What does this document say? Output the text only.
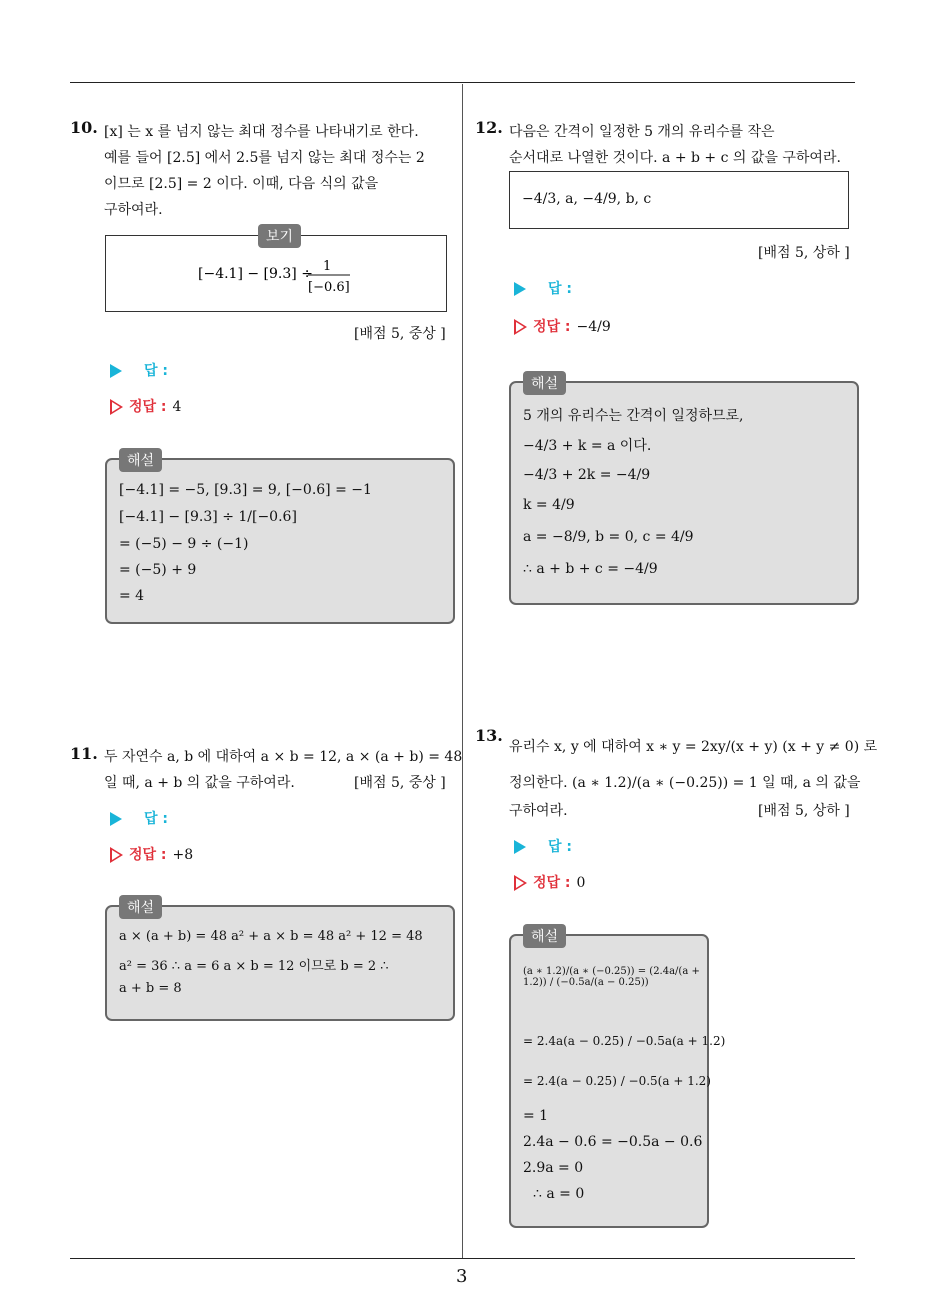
10. [x] 는 x 를 넘지 않는 최대 정수를 나타내기로 한다.
예를 들어 [2.5] 에서 2.5를 넘지 않는 최대 정수는 2
이므로 [2.5] = 2 이다. 이때, 다음 식의 값을
구하여라.
보기
[−4.1] − [9.3] ÷ 1
[−0.6]
[배점 5, 중상 ]
답 :
정답 : 4
해설
[−4.1] = −5, [9.3] = 9, [−0.6] = −1
[−4.1] − [9.3] ÷ 1/[−0.6]
= (−5) − 9 ÷ (−1)
= (−5) + 9
= 4
11. 두 자연수 a, b 에 대하여 a × b = 12, a × (a + b) = 48
일 때, a + b 의 값을 구하여라.	[배점 5, 중상 ]
답 :
정답 : +8
해설
a × (a + b) = 48 a² + a × b = 48 a² + 12 = 48
a² = 36 ∴ a = 6 a × b = 12 이므로 b = 2 ∴
a + b = 8
12. 다음은 간격이 일정한 5 개의 유리수를 작은
순서대로 나열한 것이다. a + b + c 의 값을 구하여라.
−4/3, a, −4/9, b, c
[배점 5, 상하 ]
답 :
정답 : −4/9
해설
5 개의 유리수는 간격이 일정하므로,
−4/3 + k = a 이다.
−4/3 + 2k = −4/9
k = 4/9
a = −8/9, b = 0, c = 4/9
∴ a + b + c = −4/9
13.
유리수 x, y 에 대하여 x ∗ y = 2xy/(x + y) (x + y ≠ 0) 로
정의한다. (a ∗ 1.2)/(a ∗ (−0.25)) = 1 일 때, a 의 값을
구하여라.	[배점 5, 상하 ]
답 :
정답 : 0
해설
(a ∗ 1.2)/(a ∗ (−0.25)) = (2.4a/(a + 1.2)) / (−0.5a/(a − 0.25))
= 2.4a(a − 0.25) / −0.5a(a + 1.2)
= 2.4(a − 0.25) / −0.5(a + 1.2)
= 1
2.4a − 0.6 = −0.5a − 0.6
2.9a = 0
∴ a = 0
3
